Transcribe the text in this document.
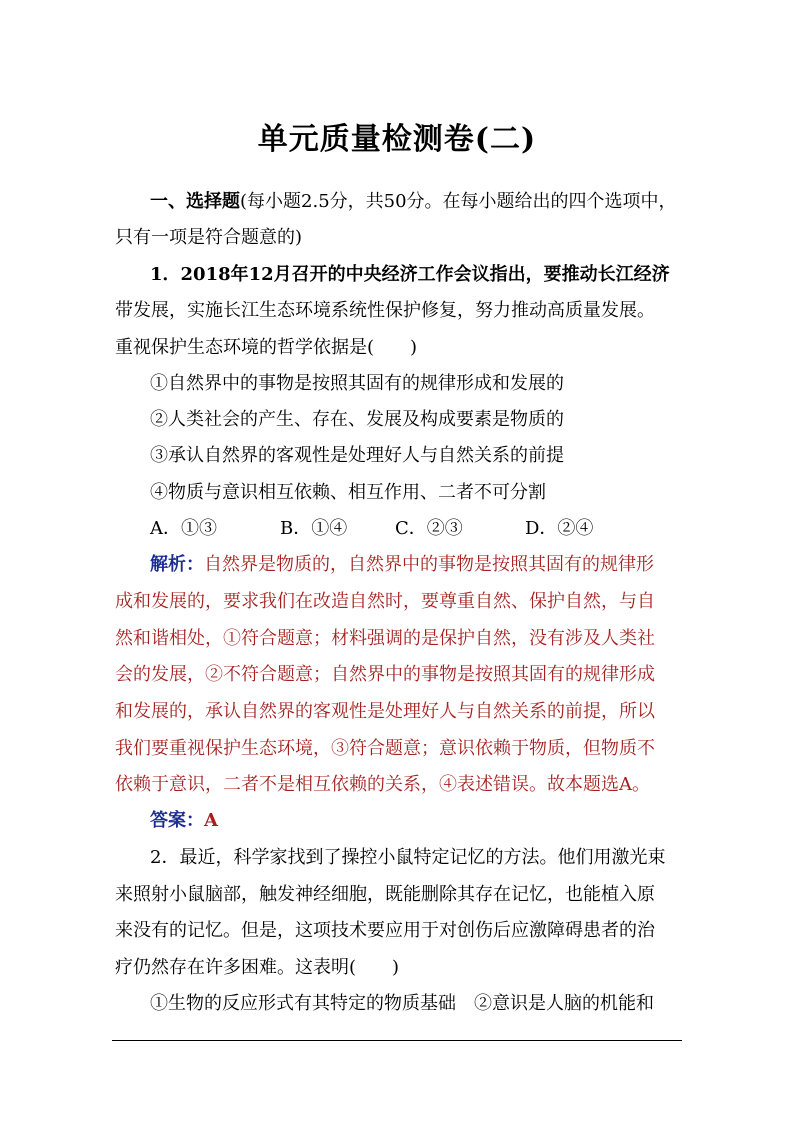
单元质量检测卷(二)
一、选择题(每小题2.5分，共50分。在每小题给出的四个选项中，
只有一项是符合题意的)
1．2018年12月召开的中央经济工作会议指出，要推动长江经济
带发展，实施长江生态环境系统性保护修复，努力推动高质量发展。
重视保护生态环境的哲学依据是(　　)
①自然界中的事物是按照其固有的规律形成和发展的
②人类社会的产生、存在、发展及构成要素是物质的
③承认自然界的客观性是处理好人与自然关系的前提
④物质与意识相互依赖、相互作用、二者不可分割
A．①③	B．①④	C．②③	D．②④
解析：自然界是物质的，自然界中的事物是按照其固有的规律形
成和发展的，要求我们在改造自然时，要尊重自然、保护自然，与自
然和谐相处，①符合题意；材料强调的是保护自然，没有涉及人类社
会的发展，②不符合题意；自然界中的事物是按照其固有的规律形成
和发展的，承认自然界的客观性是处理好人与自然关系的前提，所以
我们要重视保护生态环境，③符合题意；意识依赖于物质，但物质不
依赖于意识，二者不是相互依赖的关系，④表述错误。故本题选A。
答案：A
2．最近，科学家找到了操控小鼠特定记忆的方法。他们用激光束
来照射小鼠脑部，触发神经细胞，既能删除其存在记忆，也能植入原
来没有的记忆。但是，这项技术要应用于对创伤后应激障碍患者的治
疗仍然存在许多困难。这表明(　　)
①生物的反应形式有其特定的物质基础　②意识是人脑的机能和
